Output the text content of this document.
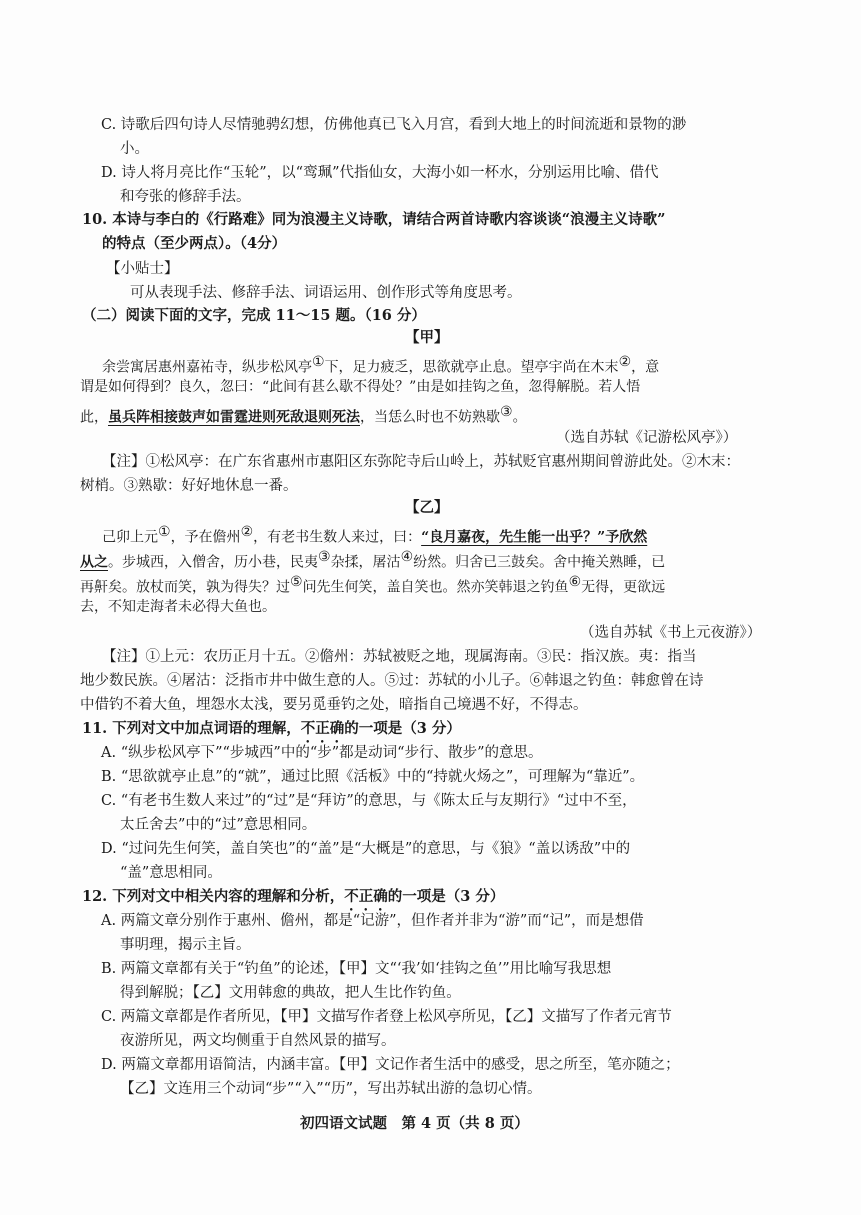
C. 诗歌后四句诗人尽情驰骋幻想，仿佛他真已飞入月宫，看到大地上的时间流逝和景物的渺
小。
D. 诗人将月亮比作“玉轮”，以“鸾珮”代指仙女，大海小如一杯水，分别运用比喻、借代
和夸张的修辞手法。
10. 本诗与李白的《行路难》同为浪漫主义诗歌，请结合两首诗歌内容谈谈“浪漫主义诗歌”
的特点（至少两点）。（4分）
【小贴士】
可从表现手法、修辞手法、词语运用、创作形式等角度思考。
（二）阅读下面的文字，完成 11～15 题。（16 分）
【甲】
余尝寓居惠州嘉祐寺，纵步松风亭①下，足力疲乏，思欲就亭止息。望亭宇尚在木末②，意
谓是如何得到？良久，忽曰：“此间有甚么歇不得处？”由是如挂钩之鱼，忽得解脱。若人悟
此，虽兵阵相接鼓声如雷霆进则死敌退则死法，当恁么时也不妨熟歇③。
（选自苏轼《记游松风亭》）
【注】①松风亭：在广东省惠州市惠阳区东弥陀寺后山岭上，苏轼贬官惠州期间曾游此处。②木末：
树梢。③熟歇：好好地休息一番。
【乙】
己卯上元①，予在儋州②，有老书生数人来过，曰：“良月嘉夜，先生能一出乎？”予欣然
从之。步城西，入僧舍，历小巷，民夷③杂揉，屠沽④纷然。归舍已三鼓矣。舍中掩关熟睡，已
再鼾矣。放杖而笑，孰为得失？过⑤问先生何笑，盖自笑也。然亦笑韩退之钓鱼⑥无得，更欲远
去，不知走海者未必得大鱼也。
（选自苏轼《书上元夜游》）
【注】①上元：农历正月十五。②儋州：苏轼被贬之地，现属海南。③民：指汉族。夷：指当
地少数民族。④屠沽：泛指市井中做生意的人。⑤过：苏轼的小儿子。⑥韩退之钓鱼：韩愈曾在诗
中借钓不着大鱼，埋怨水太浅，要另觅垂钓之处，暗指自己境遇不好，不得志。
11. 下列对文中加点词语的理解，不正确的一项是（3 分）
A. “纵步松风亭下”“步城西”中的“步”都是动词“步行、散步”的意思。
B. “思欲就亭止息”的“就”，通过比照《活板》中的“持就火炀之”，可理解为“靠近”。
C. “有老书生数人来过”的“过”是“拜访”的意思，与《陈太丘与友期行》“过中不至，
太丘舍去”中的“过”意思相同。
D. “过问先生何笑，盖自笑也”的“盖”是“大概是”的意思，与《狼》“盖以诱敌”中的
“盖”意思相同。
12. 下列对文中相关内容的理解和分析，不正确的一项是（3 分）
A. 两篇文章分别作于惠州、儋州，都是“记游”，但作者并非为“游”而“记”，而是想借
事明理，揭示主旨。
B. 两篇文章都有关于“钓鱼”的论述，【甲】文“‘我’如‘挂钩之鱼’”用比喻写我思想
得到解脱；【乙】文用韩愈的典故，把人生比作钓鱼。
C. 两篇文章都是作者所见，【甲】文描写作者登上松风亭所见，【乙】文描写了作者元宵节
夜游所见，两文均侧重于自然风景的描写。
D. 两篇文章都用语简洁，内涵丰富。【甲】文记作者生活中的感受，思之所至，笔亦随之；
【乙】文连用三个动词“步”“入”“历”，写出苏轼出游的急切心情。
初四语文试题　第 4 页（共 8 页）
